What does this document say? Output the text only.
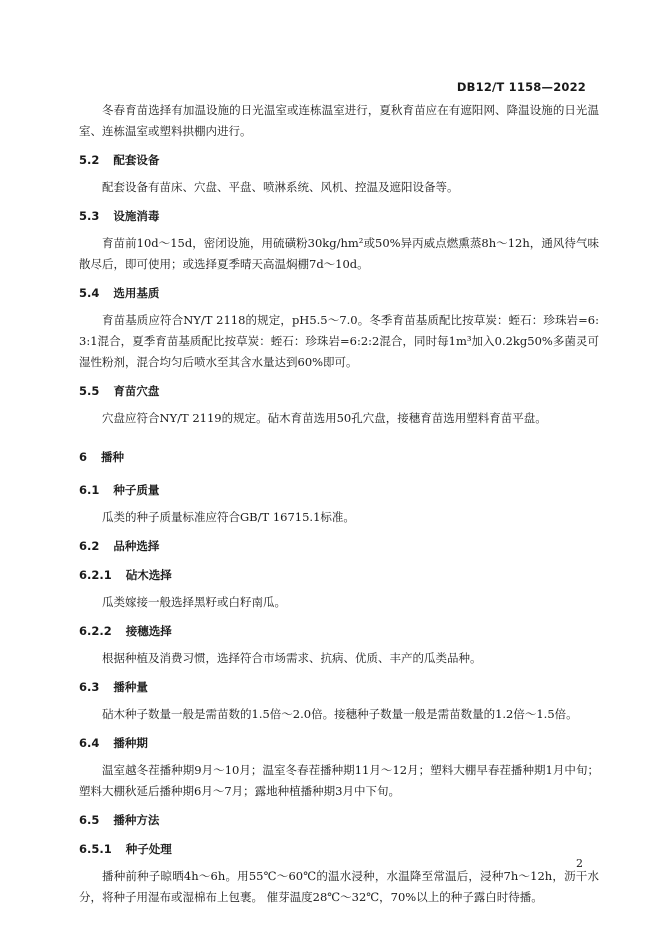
DB12/T 1158—2022

冬春育苗选择有加温设施的日光温室或连栋温室进行，夏秋育苗应在有遮阳网、降温设施的日光温室、连栋温室或塑料拱棚内进行。

5.2 配套设备

配套设备有苗床、穴盘、平盘、喷淋系统、风机、控温及遮阳设备等。

5.3 设施消毒

育苗前10d～15d，密闭设施，用硫磺粉30kg/hm²或50%异丙威点燃熏蒸8h～12h，通风待气味散尽后，即可使用；或选择夏季晴天高温焖棚7d～10d。

5.4 选用基质

育苗基质应符合NY/T 2118的规定，pH5.5～7.0。冬季育苗基质配比按草炭：蛭石：珍珠岩=6:3:1混合，夏季育苗基质配比按草炭：蛭石：珍珠岩=6:2:2混合，同时每1m³加入0.2kg50%多菌灵可湿性粉剂，混合均匀后喷水至其含水量达到60%即可。

5.5 育苗穴盘

穴盘应符合NY/T 2119的规定。砧木育苗选用50孔穴盘，接穗育苗选用塑料育苗平盘。

6 播种
6.1 种子质量

瓜类的种子质量标准应符合GB/T 16715.1标准。

6.2 品种选择
6.2.1 砧木选择

瓜类嫁接一般选择黑籽或白籽南瓜。

6.2.2 接穗选择

根据种植及消费习惯，选择符合市场需求、抗病、优质、丰产的瓜类品种。

6.3 播种量

砧木种子数量一般是需苗数的1.5倍～2.0倍。接穗种子数量一般是需苗数量的1.2倍～1.5倍。

6.4 播种期

温室越冬茬播种期9月～10月；温室冬春茬播种期11月～12月；塑料大棚早春茬播种期1月中旬；塑料大棚秋延后播种期6月～7月；露地种植播种期3月中下旬。

6.5 播种方法
6.5.1 种子处理

播种前种子晾晒4h～6h。用55℃～60℃的温水浸种，水温降至常温后，浸种7h～12h，沥干水分，将种子用湿布或湿棉布上包裹。 催芽温度28℃～32℃，70%以上的种子露白时待播。

2
